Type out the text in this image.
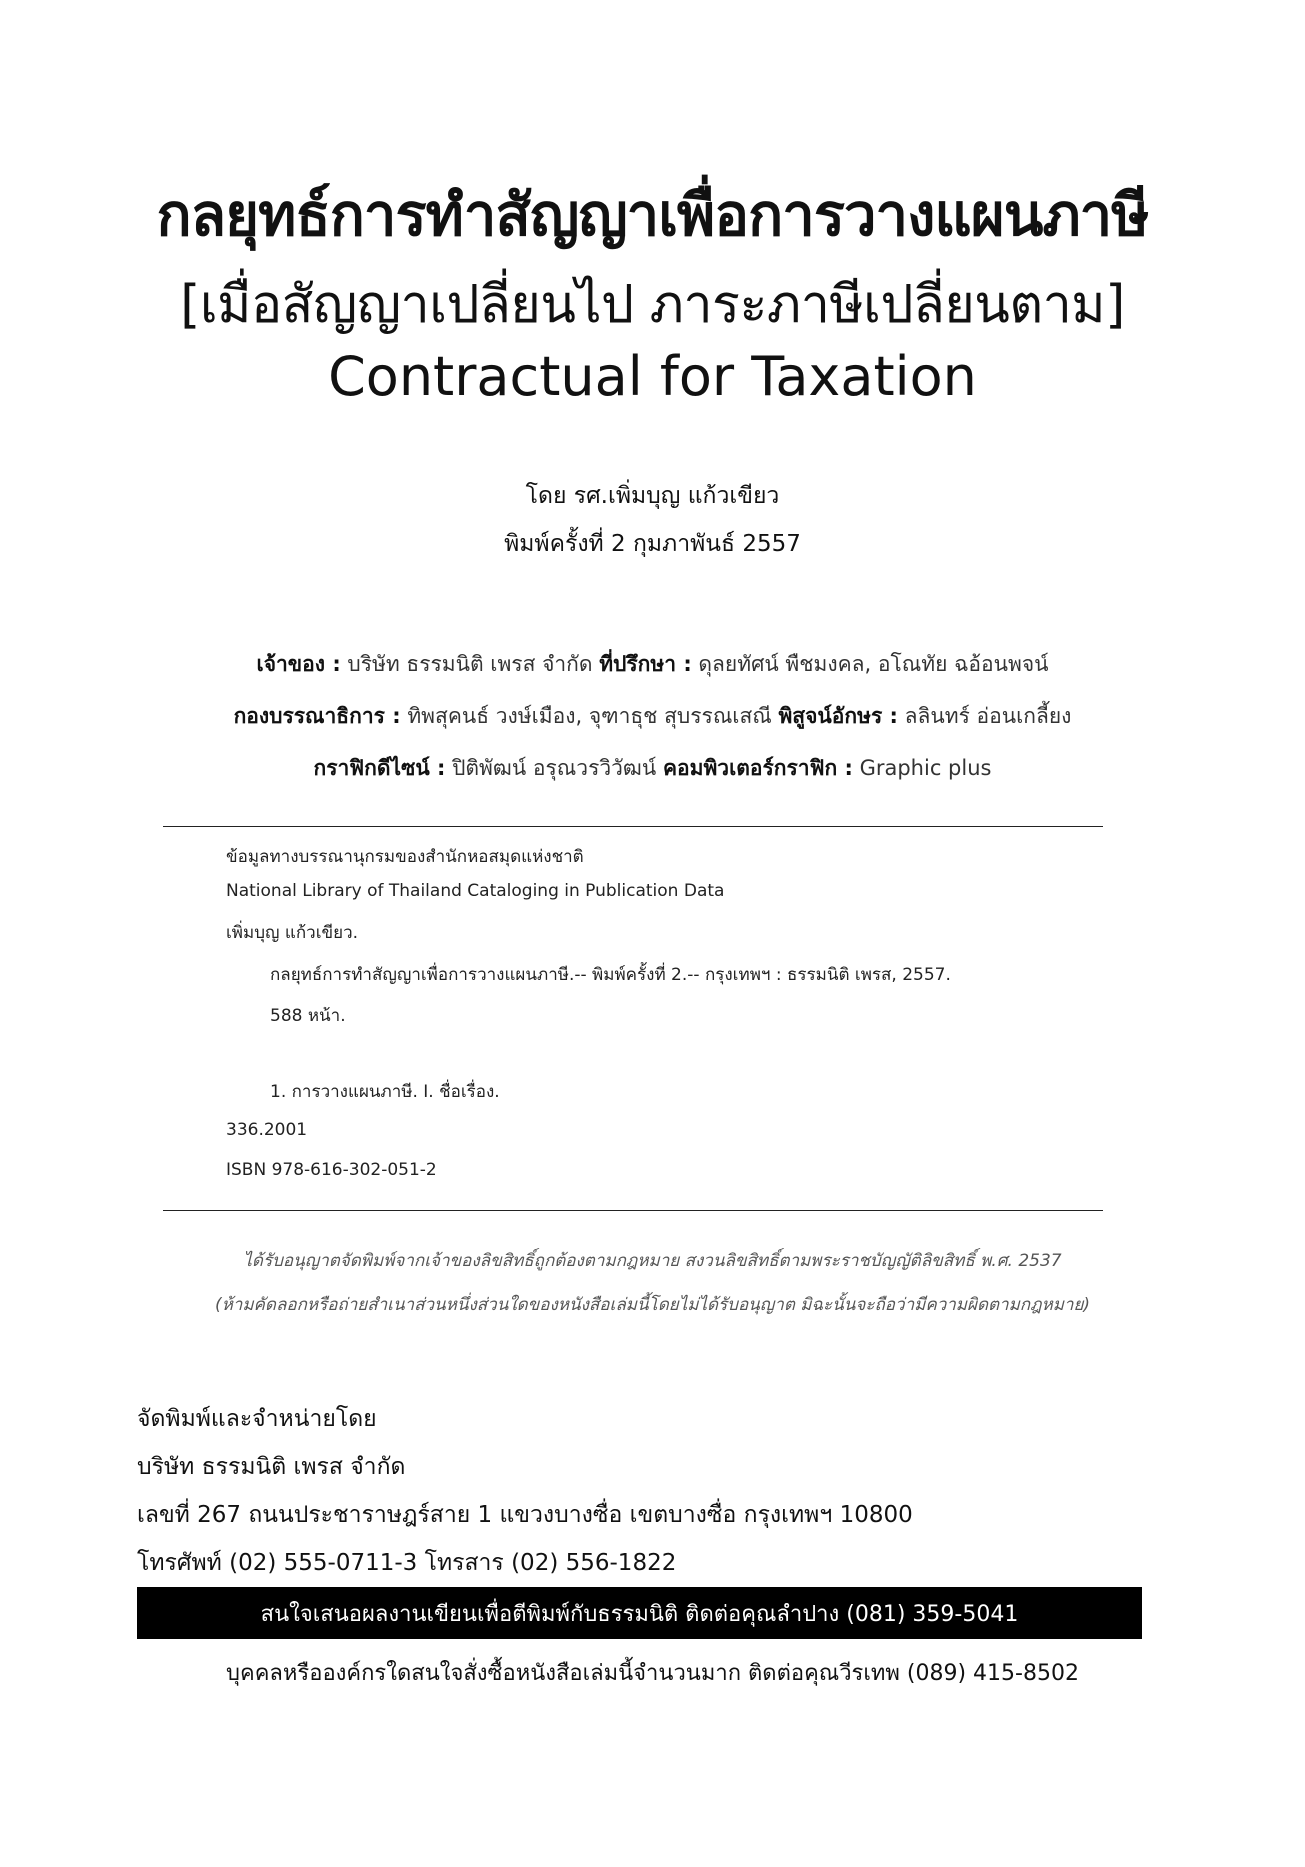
กลยุทธ์การทำสัญญาเพื่อการวางแผนภาษี
[เมื่อสัญญาเปลี่ยนไป ภาระภาษีเปลี่ยนตาม]
Contractual for Taxation
โดย รศ.เพิ่มบุญ แก้วเขียว
พิมพ์ครั้งที่ 2 กุมภาพันธ์ 2557
เจ้าของ : บริษัท ธรรมนิติ เพรส จำกัด ที่ปรึกษา : ดุลยทัศน์ พืชมงคล, อโณทัย ฉอ้อนพจน์
กองบรรณาธิการ : ทิพสุคนธ์ วงษ์เมือง, จุฑาธุช สุบรรณเสณี พิสูจน์อักษร : ลลินทร์ อ่อนเกลี้ยง
กราฟิกดีไซน์ : ปิติพัฒน์ อรุณวรวิวัฒน์ คอมพิวเตอร์กราฟิก : Graphic plus
ข้อมูลทางบรรณานุกรมของสำนักหอสมุดแห่งชาติ
National Library of Thailand Cataloging in Publication Data
เพิ่มบุญ แก้วเขียว.
กลยุทธ์การทำสัญญาเพื่อการวางแผนภาษี.-- พิมพ์ครั้งที่ 2.-- กรุงเทพฯ : ธรรมนิติ เพรส, 2557.
588 หน้า.
1. การวางแผนภาษี. I. ชื่อเรื่อง.
336.2001
ISBN 978-616-302-051-2
ได้รับอนุญาตจัดพิมพ์จากเจ้าของลิขสิทธิ์ถูกต้องตามกฎหมาย สงวนลิขสิทธิ์ตามพระราชบัญญัติลิขสิทธิ์ พ.ศ. 2537
(ห้ามคัดลอกหรือถ่ายสำเนาส่วนหนึ่งส่วนใดของหนังสือเล่มนี้โดยไม่ได้รับอนุญาต มิฉะนั้นจะถือว่ามีความผิดตามกฎหมาย)
จัดพิมพ์และจำหน่ายโดย
บริษัท ธรรมนิติ เพรส จำกัด
เลขที่ 267 ถนนประชาราษฎร์สาย 1 แขวงบางซื่อ เขตบางซื่อ กรุงเทพฯ 10800
โทรศัพท์ (02) 555-0711-3 โทรสาร (02) 556-1822
สนใจเสนอผลงานเขียนเพื่อตีพิมพ์กับธรรมนิติ ติดต่อคุณลำปาง (081) 359-5041
บุคคลหรือองค์กรใดสนใจสั่งซื้อหนังสือเล่มนี้จำนวนมาก ติดต่อคุณวีรเทพ (089) 415-8502
